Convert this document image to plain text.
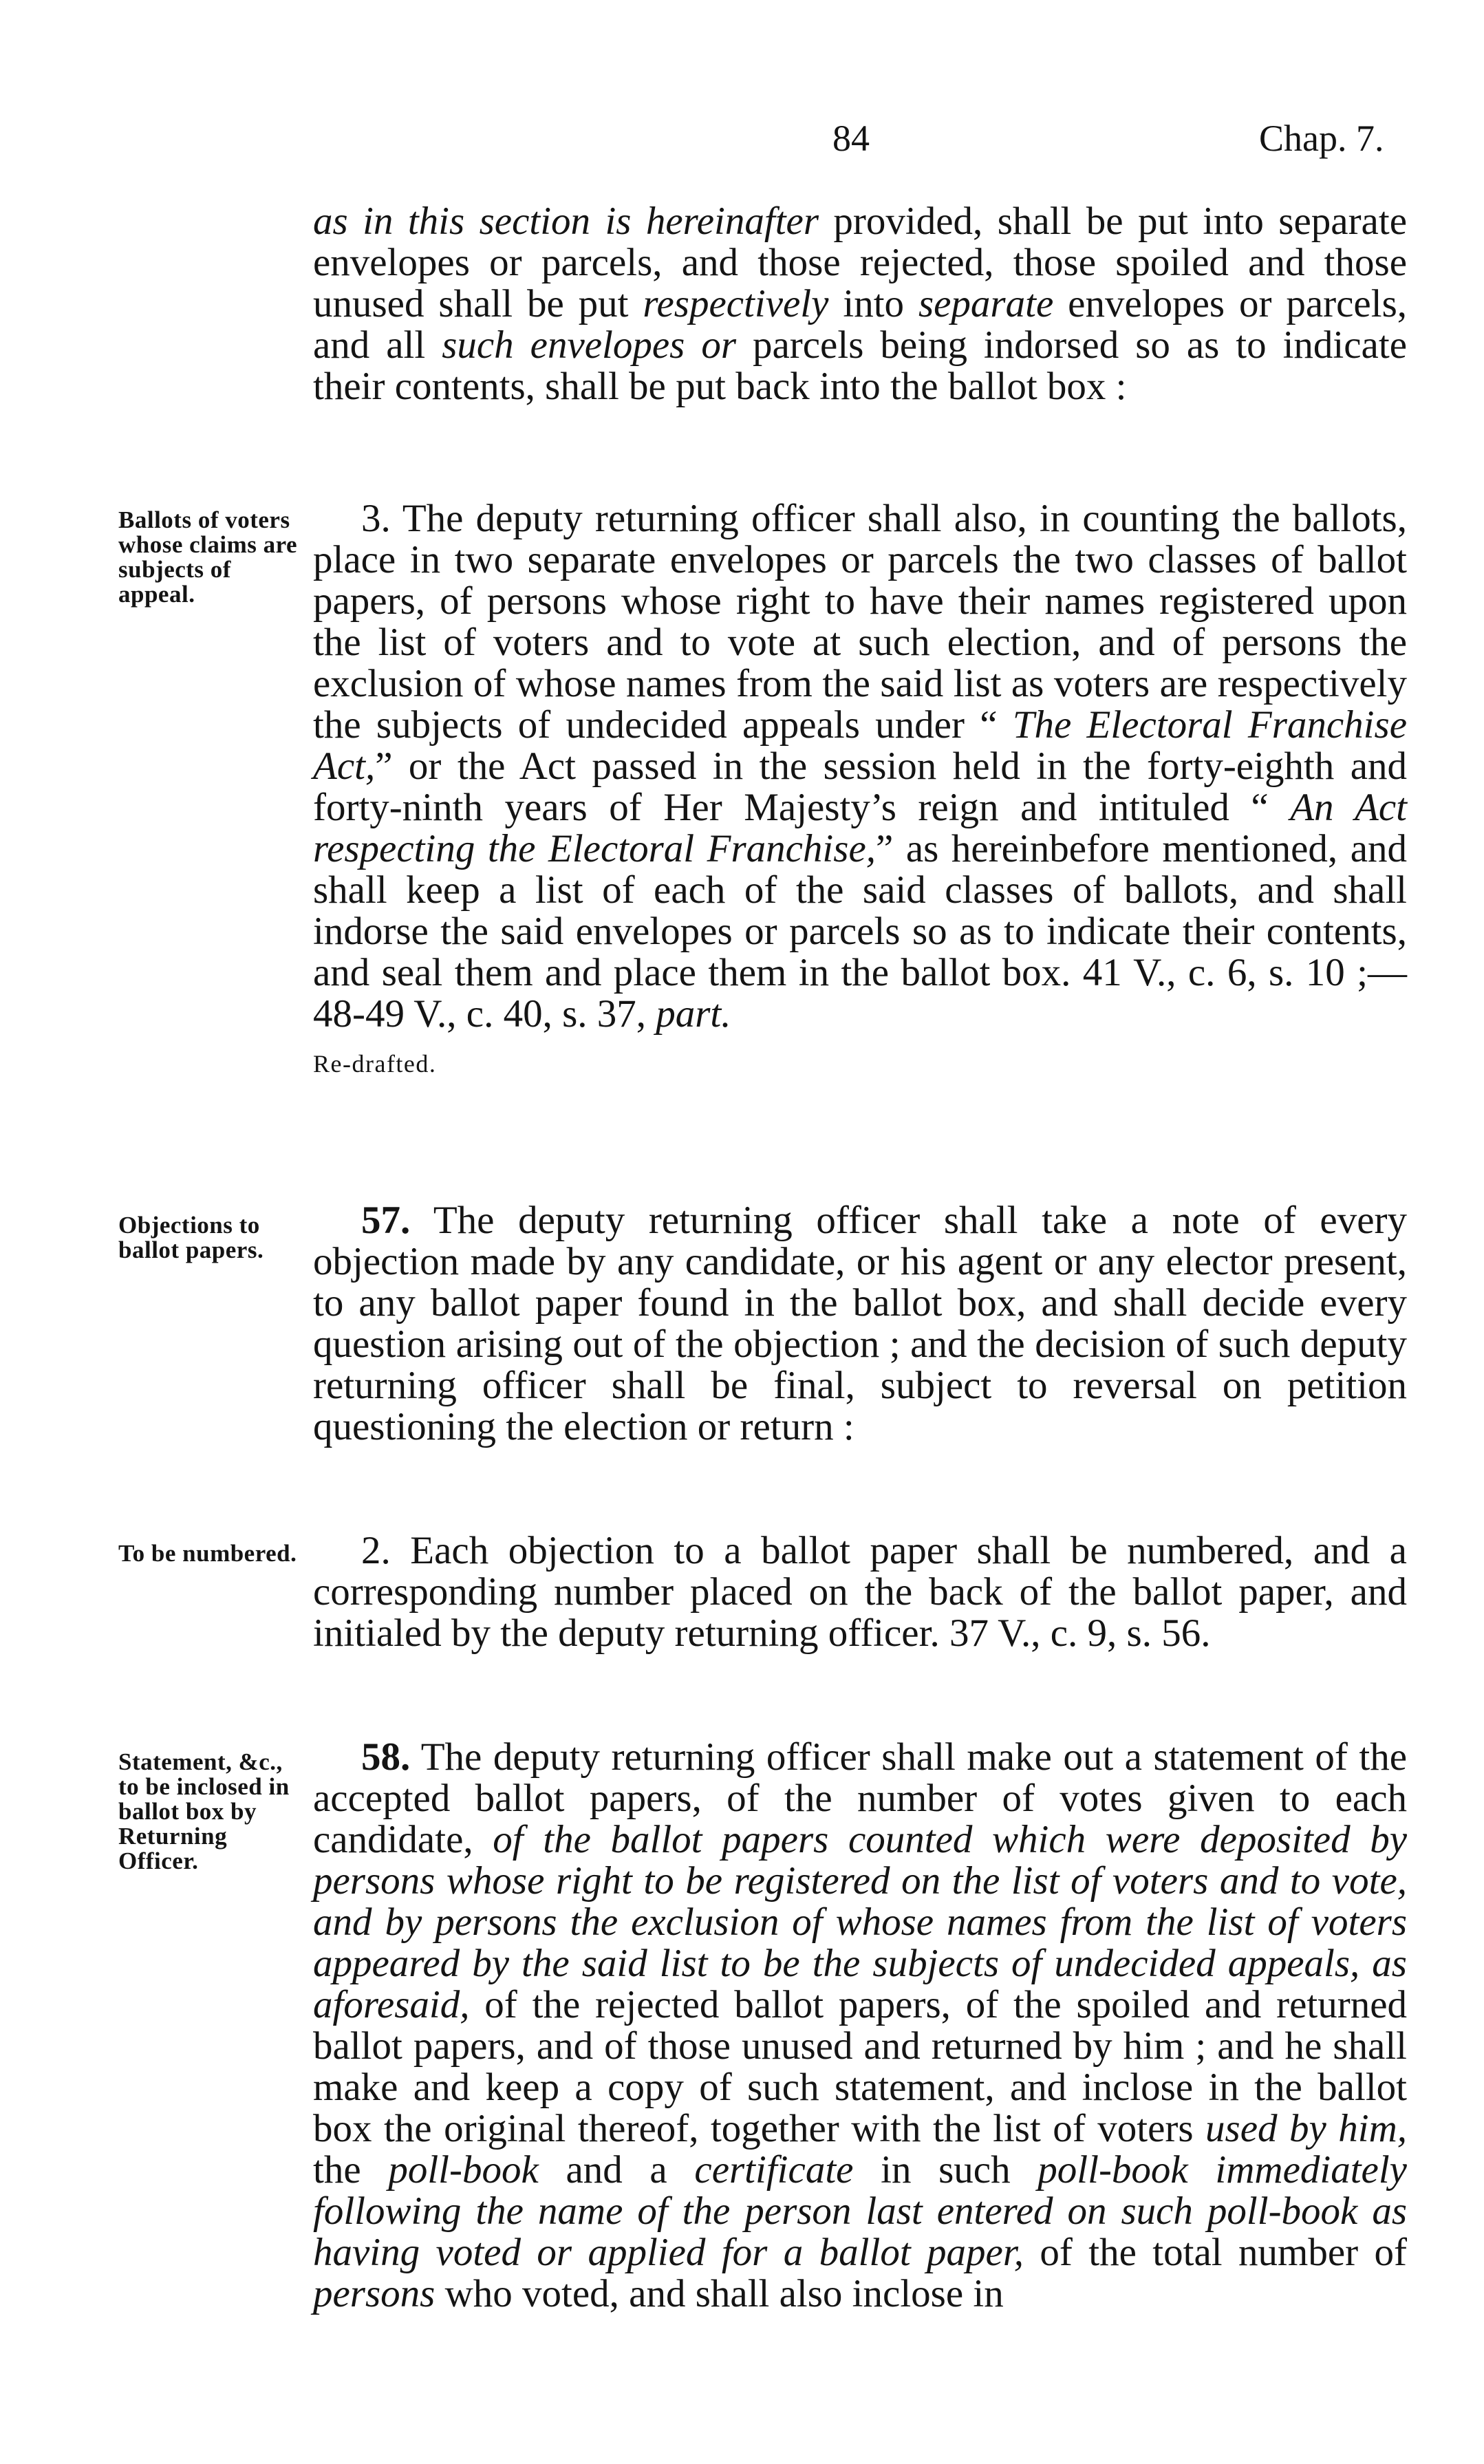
84	Chap. 7.

as in this section is hereinafter provided, shall be put into separate envelopes or parcels, and those rejected, those spoiled and those unused shall be put respectively into separate envelopes or parcels, and all such envelopes or parcels being indorsed so as to indicate their contents, shall be put back into the ballot box :

Ballots of voters whose claims are subjects of appeal.

3. The deputy returning officer shall also, in counting the ballots, place in two separate envelopes or parcels the two classes of ballot papers, of persons whose right to have their names registered upon the list of voters and to vote at such election, and of persons the exclusion of whose names from the said list as voters are respectively the subjects of undecided appeals under “ The Electoral Franchise Act,” or the Act passed in the session held in the forty-eighth and forty-ninth years of Her Majesty’s reign and intituled “ An Act respecting the Electoral Franchise,” as hereinbefore mentioned, and shall keep a list of each of the said classes of ballots, and shall indorse the said envelopes or parcels so as to indicate their contents, and seal them and place them in the ballot box. 41 V., c. 6, s. 10 ;—48-49 V., c. 40, s. 37, part.

Re-drafted.
Objections to ballot papers.

57. The deputy returning officer shall take a note of every objection made by any candidate, or his agent or any elector present, to any ballot paper found in the ballot box, and shall decide every question arising out of the objection ; and the decision of such deputy returning officer shall be final, subject to reversal on petition questioning the election or return :

To be numbered.	2. Each objection to a ballot paper shall be numbered, and a corresponding number placed on the back of the ballot paper, and initialed by the deputy returning officer. 37 V., c. 9, s. 56.

Statement, &c., to be inclosed in ballot box by Returning Officer.

58. The deputy returning officer shall make out a statement of the accepted ballot papers, of the number of votes given to each candidate, of the ballot papers counted which were deposited by persons whose right to be registered on the list of voters and to vote, and by persons the exclusion of whose names from the list of voters appeared by the said list to be the subjects of undecided appeals, as aforesaid, of the rejected ballot papers, of the spoiled and returned ballot papers, and of those unused and returned by him ; and he shall make and keep a copy of such statement, and inclose in the ballot box the original thereof, together with the list of voters used by him, the poll-book and a certificate in such poll-book immediately following the name of the person last entered on such poll-book as having voted or applied for a ballot paper, of the total number of persons who voted, and shall also inclose in
